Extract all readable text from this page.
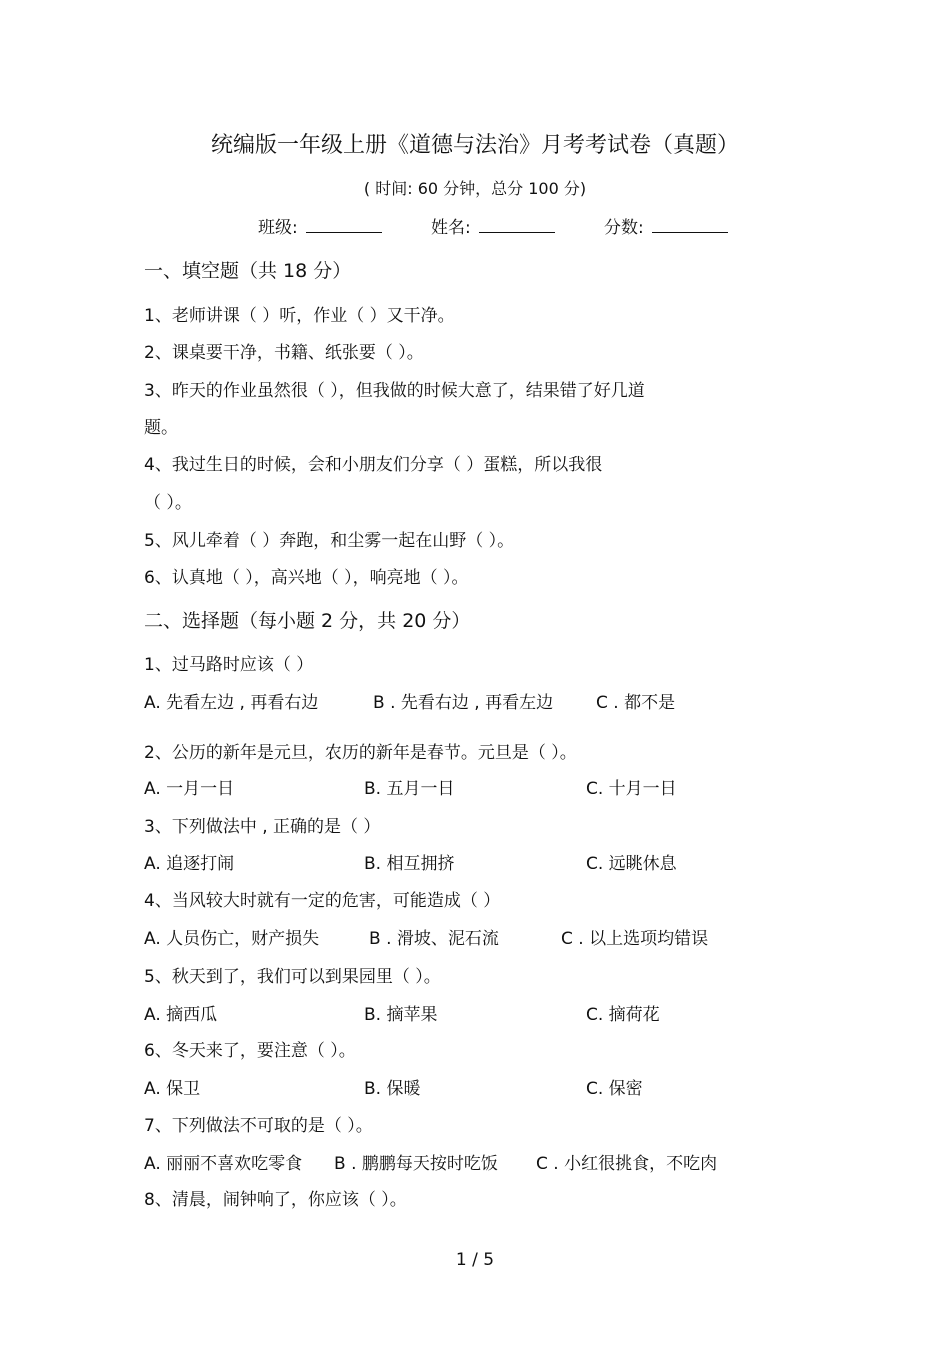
统编版一年级上册《道德与法治》月考考试卷（真题）
( 时间: 60 分钟，总分 100 分)
班级:	姓名:	分数:
一、填空题（共 18 分）
1、老师讲课（ ）听，作业（ ）又干净。
2、课桌要干净，书籍、纸张要（ ）。
3、昨天的作业虽然很（ ），但我做的时候大意了，结果错了好几道
题。
4、我过生日的时候，会和小朋友们分享（ ）蛋糕，所以我很
（ ）。
5、风儿牵着（ ）奔跑，和尘雾一起在山野（ ）。
6、认真地（ ），高兴地（ ），响亮地（ ）。
二、选择题（每小题 2 分，共 20 分）
1、过马路时应该（ ）
A. 先看左边 , 再看右边	B . 先看右边 , 再看左边	C . 都不是
2、公历的新年是元旦，农历的新年是春节。元旦是（ ）。
A. 一月一日	B. 五月一日	C. 十月一日
3、下列做法中 , 正确的是（ ）
A. 追逐打闹	B. 相互拥挤	C. 远眺休息
4、当风较大时就有一定的危害，可能造成（ ）
A. 人员伤亡，财产损失	B . 滑坡、泥石流	C . 以上选项均错误
5、秋天到了，我们可以到果园里（ ）。
A. 摘西瓜	B. 摘苹果	C. 摘荷花
6、冬天来了，要注意（ ）。
A. 保卫	B. 保暖	C. 保密
7、下列做法不可取的是（ ）。
A. 丽丽不喜欢吃零食 B . 鹏鹏每天按时吃饭 C . 小红很挑食，不吃肉
8、清晨，闹钟响了，你应该（ ）。
1 / 5
